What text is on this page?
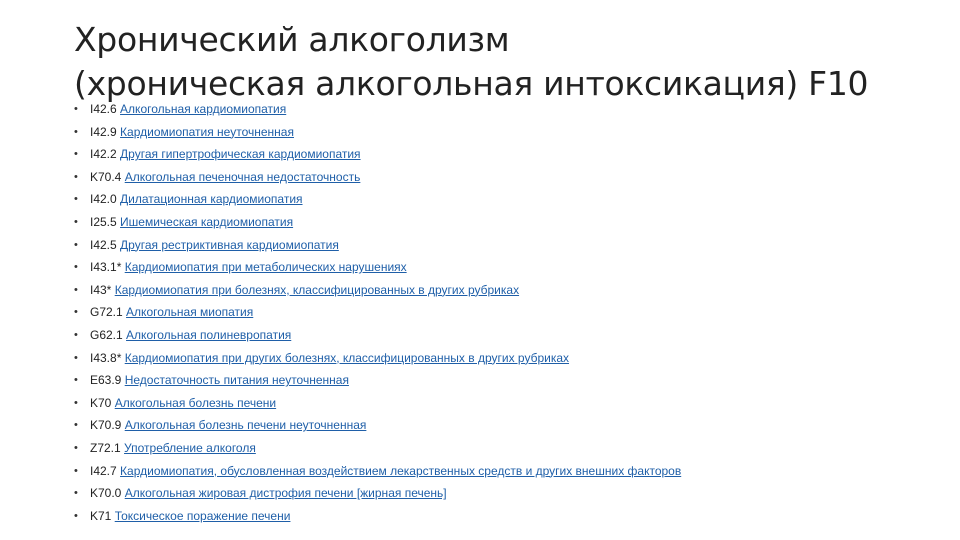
Хронический алкоголизм
(хроническая алкогольная интоксикация) F10
• I42.6 Алкогольная кардиомиопатия
• I42.9 Кардиомиопатия неуточненная
• I42.2 Другая гипертрофическая кардиомиопатия
• K70.4 Алкогольная печеночная недостаточность
• I42.0 Дилатационная кардиомиопатия
• I25.5 Ишемическая кардиомиопатия
• I42.5 Другая рестриктивная кардиомиопатия
• I43.1* Кардиомиопатия при метаболических нарушениях
• I43* Кардиомиопатия при болезнях, классифицированных в других рубриках
• G72.1 Алкогольная миопатия
• G62.1 Алкогольная полиневропатия
• I43.8* Кардиомиопатия при других болезнях, классифицированных в других рубриках
• E63.9 Недостаточность питания неуточненная
• K70 Алкогольная болезнь печени
• K70.9 Алкогольная болезнь печени неуточненная
• Z72.1 Употребление алкоголя
• I42.7 Кардиомиопатия, обусловленная воздействием лекарственных средств и других внешних факторов
• K70.0 Алкогольная жировая дистрофия печени [жирная печень]
• K71 Токсическое поражение печени
